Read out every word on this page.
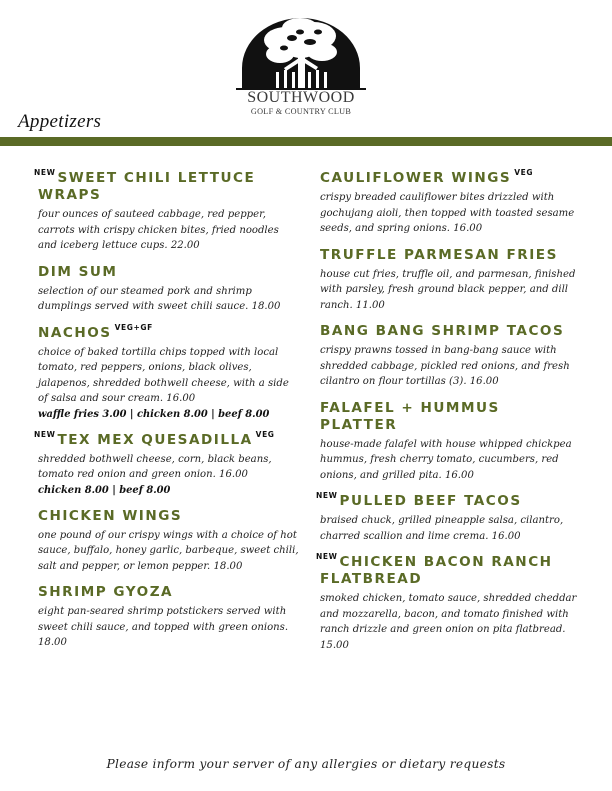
SOUTHWOOD
GOLF & COUNTRY CLUB
Appetizers
$^{NEW}$ SWEET CHILI LETTUCE WRAPS

four ounces of sauteed cabbage, red pepper, carrots with crispy chicken bites, fried noodles and iceberg lettuce cups. 22.00

DIM SUM

selection of our steamed pork and shrimp dumplings served with sweet chili sauce. 18.00

NACHOS $^{VEG+GF}$

choice of baked tortilla chips topped with local tomato, red peppers, onions, black olives, jalapenos, shredded bothwell cheese, with a side of salsa and sour cream. 16.00

waffle fries 3.00 | chicken 8.00 | beef 8.00

$^{NEW}$ TEX MEX QUESADILLA $^{VEG}$

shredded bothwell cheese, corn, black beans, tomato red onion and green onion. 16.00

chicken 8.00 | beef 8.00

CHICKEN WINGS

one pound of our crispy wings with a choice of hot sauce, buffalo, honey garlic, barbeque, sweet chili, salt and pepper, or lemon pepper. 18.00

SHRIMP GYOZA

eight pan-seared shrimp potstickers served with sweet chili sauce, and topped with green onions. 18.00

CAULIFLOWER WINGS $^{VEG}$

crispy breaded cauliflower bites drizzled with gochujang aioli, then topped with toasted sesame seeds, and spring onions. 16.00

TRUFFLE PARMESAN FRIES

house cut fries, truffle oil, and parmesan, finished with parsley, fresh ground black pepper, and dill ranch. 11.00

BANG BANG SHRIMP TACOS

crispy prawns tossed in bang-bang sauce with shredded cabbage, pickled red onions, and fresh cilantro on flour tortillas (3). 16.00

FALAFEL + HUMMUS PLATTER

house-made falafel with house whipped chickpea hummus, fresh cherry tomato, cucumbers, red onions, and grilled pita. 16.00

$^{NEW}$ PULLED BEEF TACOS

braised chuck, grilled pineapple salsa, cilantro, charred scallion and lime crema. 16.00

$^{NEW}$ CHICKEN BACON RANCH FLATBREAD

smoked chicken, tomato sauce, shredded cheddar and mozzarella, bacon, and tomato finished with ranch drizzle and green onion on pita flatbread. 15.00

Please inform your server of any allergies or dietary requests
